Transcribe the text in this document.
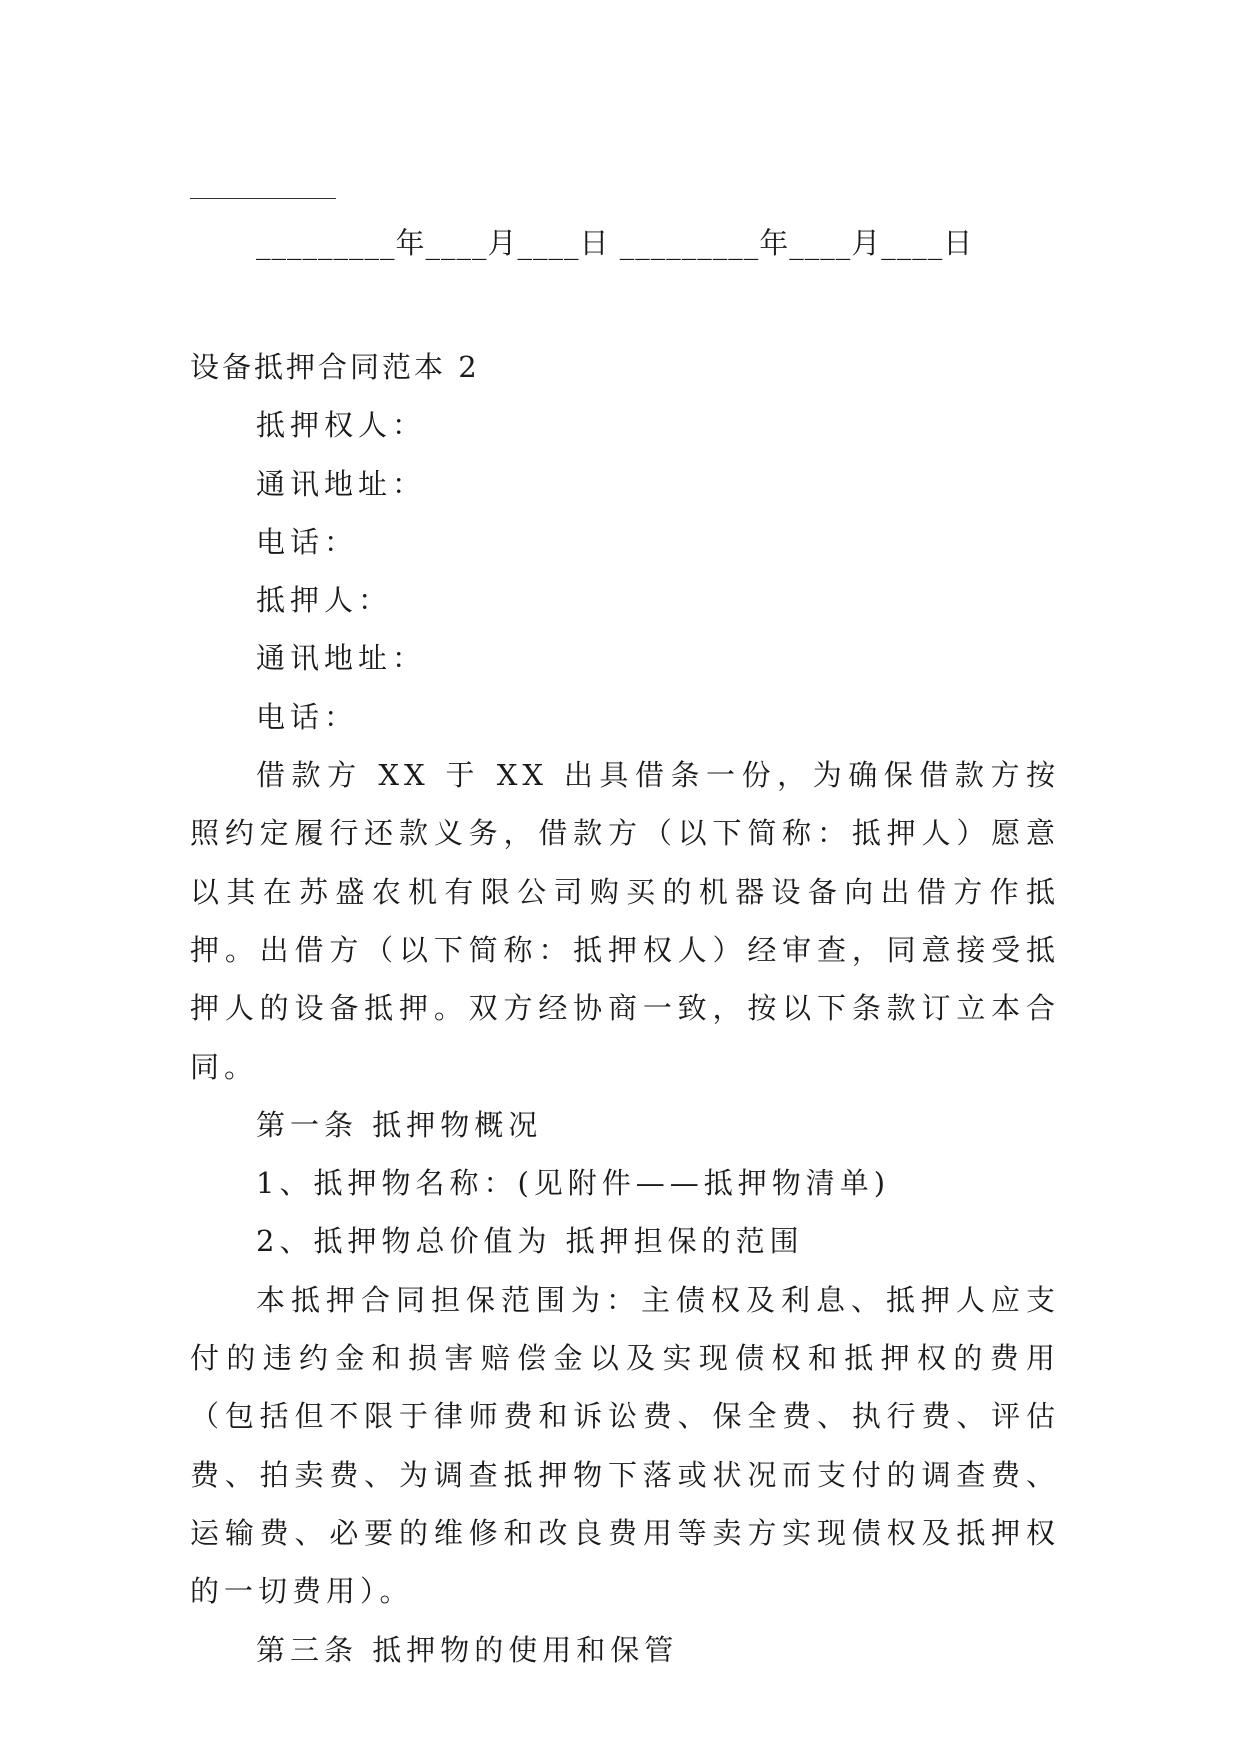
_________年____月____日 _________年____月____日

设备抵押合同范本 2

抵押权人：

通讯地址：

电话：

抵押人：

通讯地址：

电话：

借款方 XX 于 XX 出具借条一份，为确保借款方按照约定履行还款义务，借款方（以下简称：抵押人）愿意以其在苏盛农机有限公司购买的机器设备向出借方作抵押。出借方（以下简称：抵押权人）经审查，同意接受抵押人的设备抵押。双方经协商一致，按以下条款订立本合同。

第一条 抵押物概况

1、抵押物名称：(见附件——抵押物清单)

2、抵押物总价值为 抵押担保的范围

本抵押合同担保范围为：主债权及利息、抵押人应支付的违约金和损害赔偿金以及实现债权和抵押权的费用（包括但不限于律师费和诉讼费、保全费、执行费、评估费、拍卖费、为调查抵押物下落或状况而支付的调查费、运输费、必要的维修和改良费用等卖方实现债权及抵押权的一切费用）。

第三条 抵押物的使用和保管
